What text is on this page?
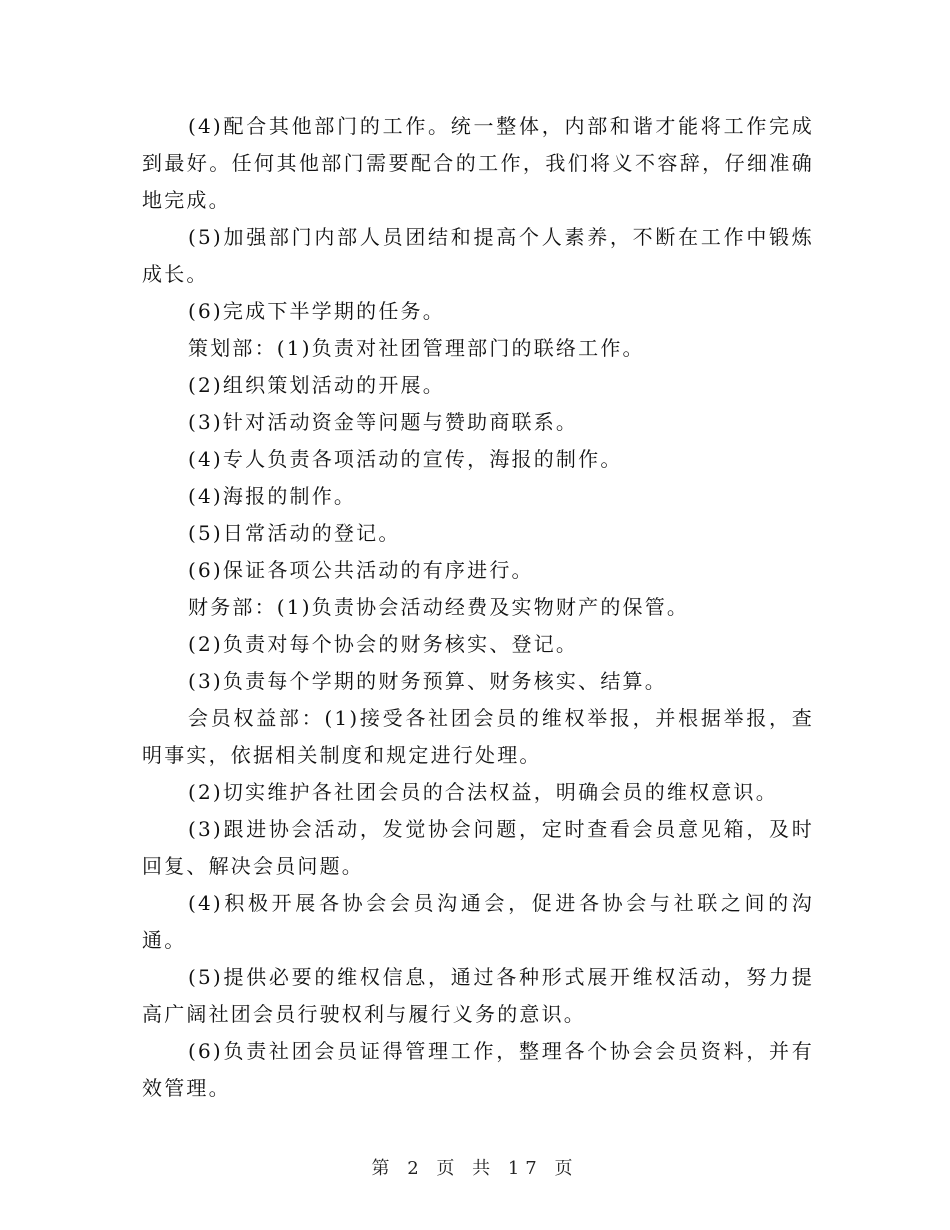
(4)配合其他部门的工作。统一整体，内部和谐才能将工作完成到最好。任何其他部门需要配合的工作，我们将义不容辞，仔细准确地完成。

(5)加强部门内部人员团结和提高个人素养，不断在工作中锻炼成长。

(6)完成下半学期的任务。

策划部：(1)负责对社团管理部门的联络工作。

(2)组织策划活动的开展。

(3)针对活动资金等问题与赞助商联系。

(4)专人负责各项活动的宣传，海报的制作。

(4)海报的制作。

(5)日常活动的登记。

(6)保证各项公共活动的有序进行。

财务部：(1)负责协会活动经费及实物财产的保管。

(2)负责对每个协会的财务核实、登记。

(3)负责每个学期的财务预算、财务核实、结算。

会员权益部：(1)接受各社团会员的维权举报，并根据举报，查明事实，依据相关制度和规定进行处理。

(2)切实维护各社团会员的合法权益，明确会员的维权意识。

(3)跟进协会活动，发觉协会问题，定时查看会员意见箱，及时回复、解决会员问题。

(4)积极开展各协会会员沟通会，促进各协会与社联之间的沟通。

(5)提供必要的维权信息，通过各种形式展开维权活动，努力提高广阔社团会员行驶权利与履行义务的意识。

(6)负责社团会员证得管理工作，整理各个协会会员资料，并有效管理。

第 2 页 共 17 页
